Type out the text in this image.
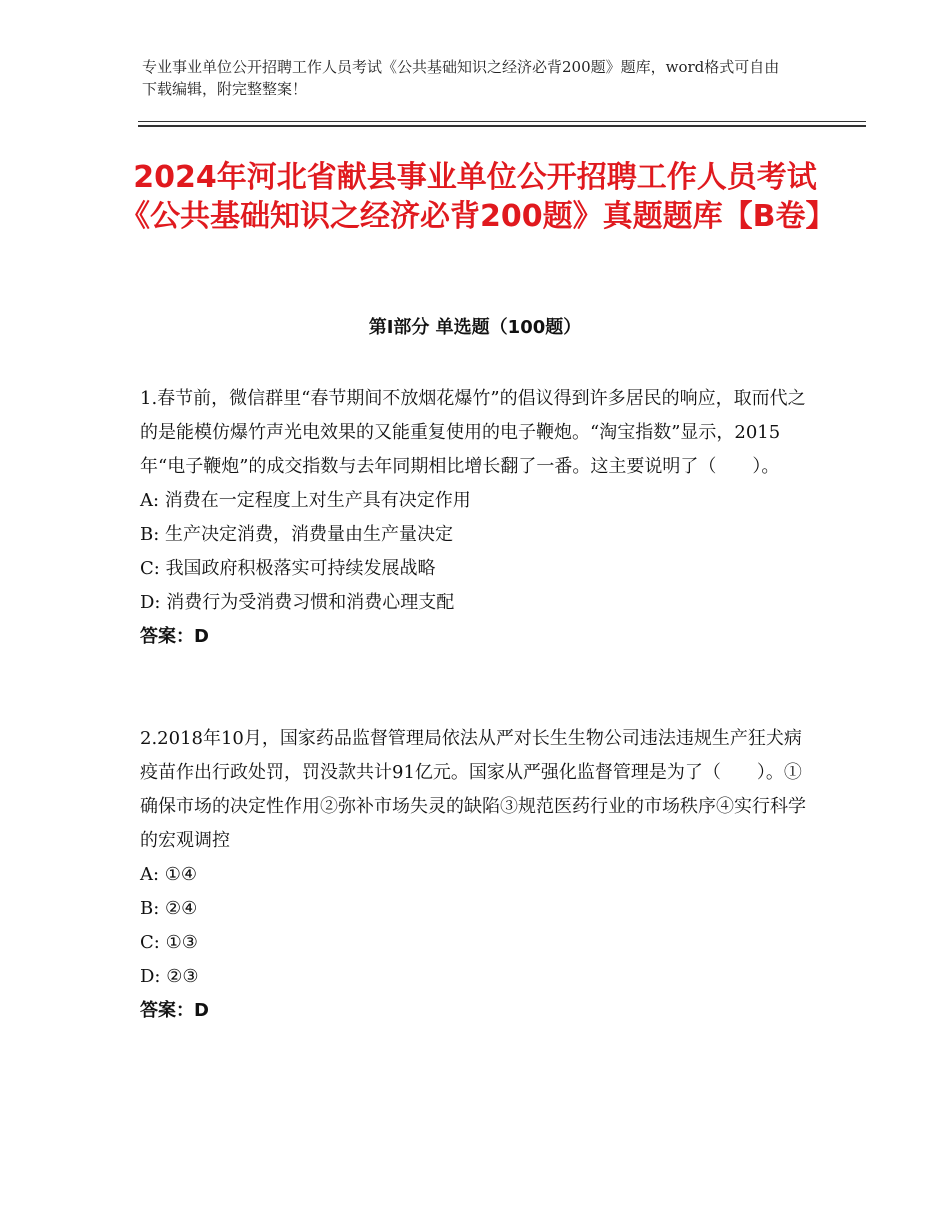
专业事业单位公开招聘工作人员考试《公共基础知识之经济必背200题》题库，word格式可自由下载编辑，附完整整案！
2024年河北省献县事业单位公开招聘工作人员考试《公共基础知识之经济必背200题》真题题库【B卷】
第Ⅰ部分 单选题（100题）

1.春节前，微信群里“春节期间不放烟花爆竹”的倡议得到许多居民的响应，取而代之的是能模仿爆竹声光电效果的又能重复使用的电子鞭炮。“淘宝指数”显示，2015年“电子鞭炮”的成交指数与去年同期相比增长翻了一番。这主要说明了（　　）。

A: 消费在一定程度上对生产具有决定作用
B: 生产决定消费，消费量由生产量决定
C: 我国政府积极落实可持续发展战略
D: 消费行为受消费习惯和消费心理支配
答案：D

2.2018年10月，国家药品监督管理局依法从严对长生生物公司违法违规生产狂犬病疫苗作出行政处罚，罚没款共计91亿元。国家从严强化监督管理是为了（　　）。①确保市场的决定性作用②弥补市场失灵的缺陷③规范医药行业的市场秩序④实行科学的宏观调控

A: ①④
B: ②④
C: ①③
D: ②③
答案：D
